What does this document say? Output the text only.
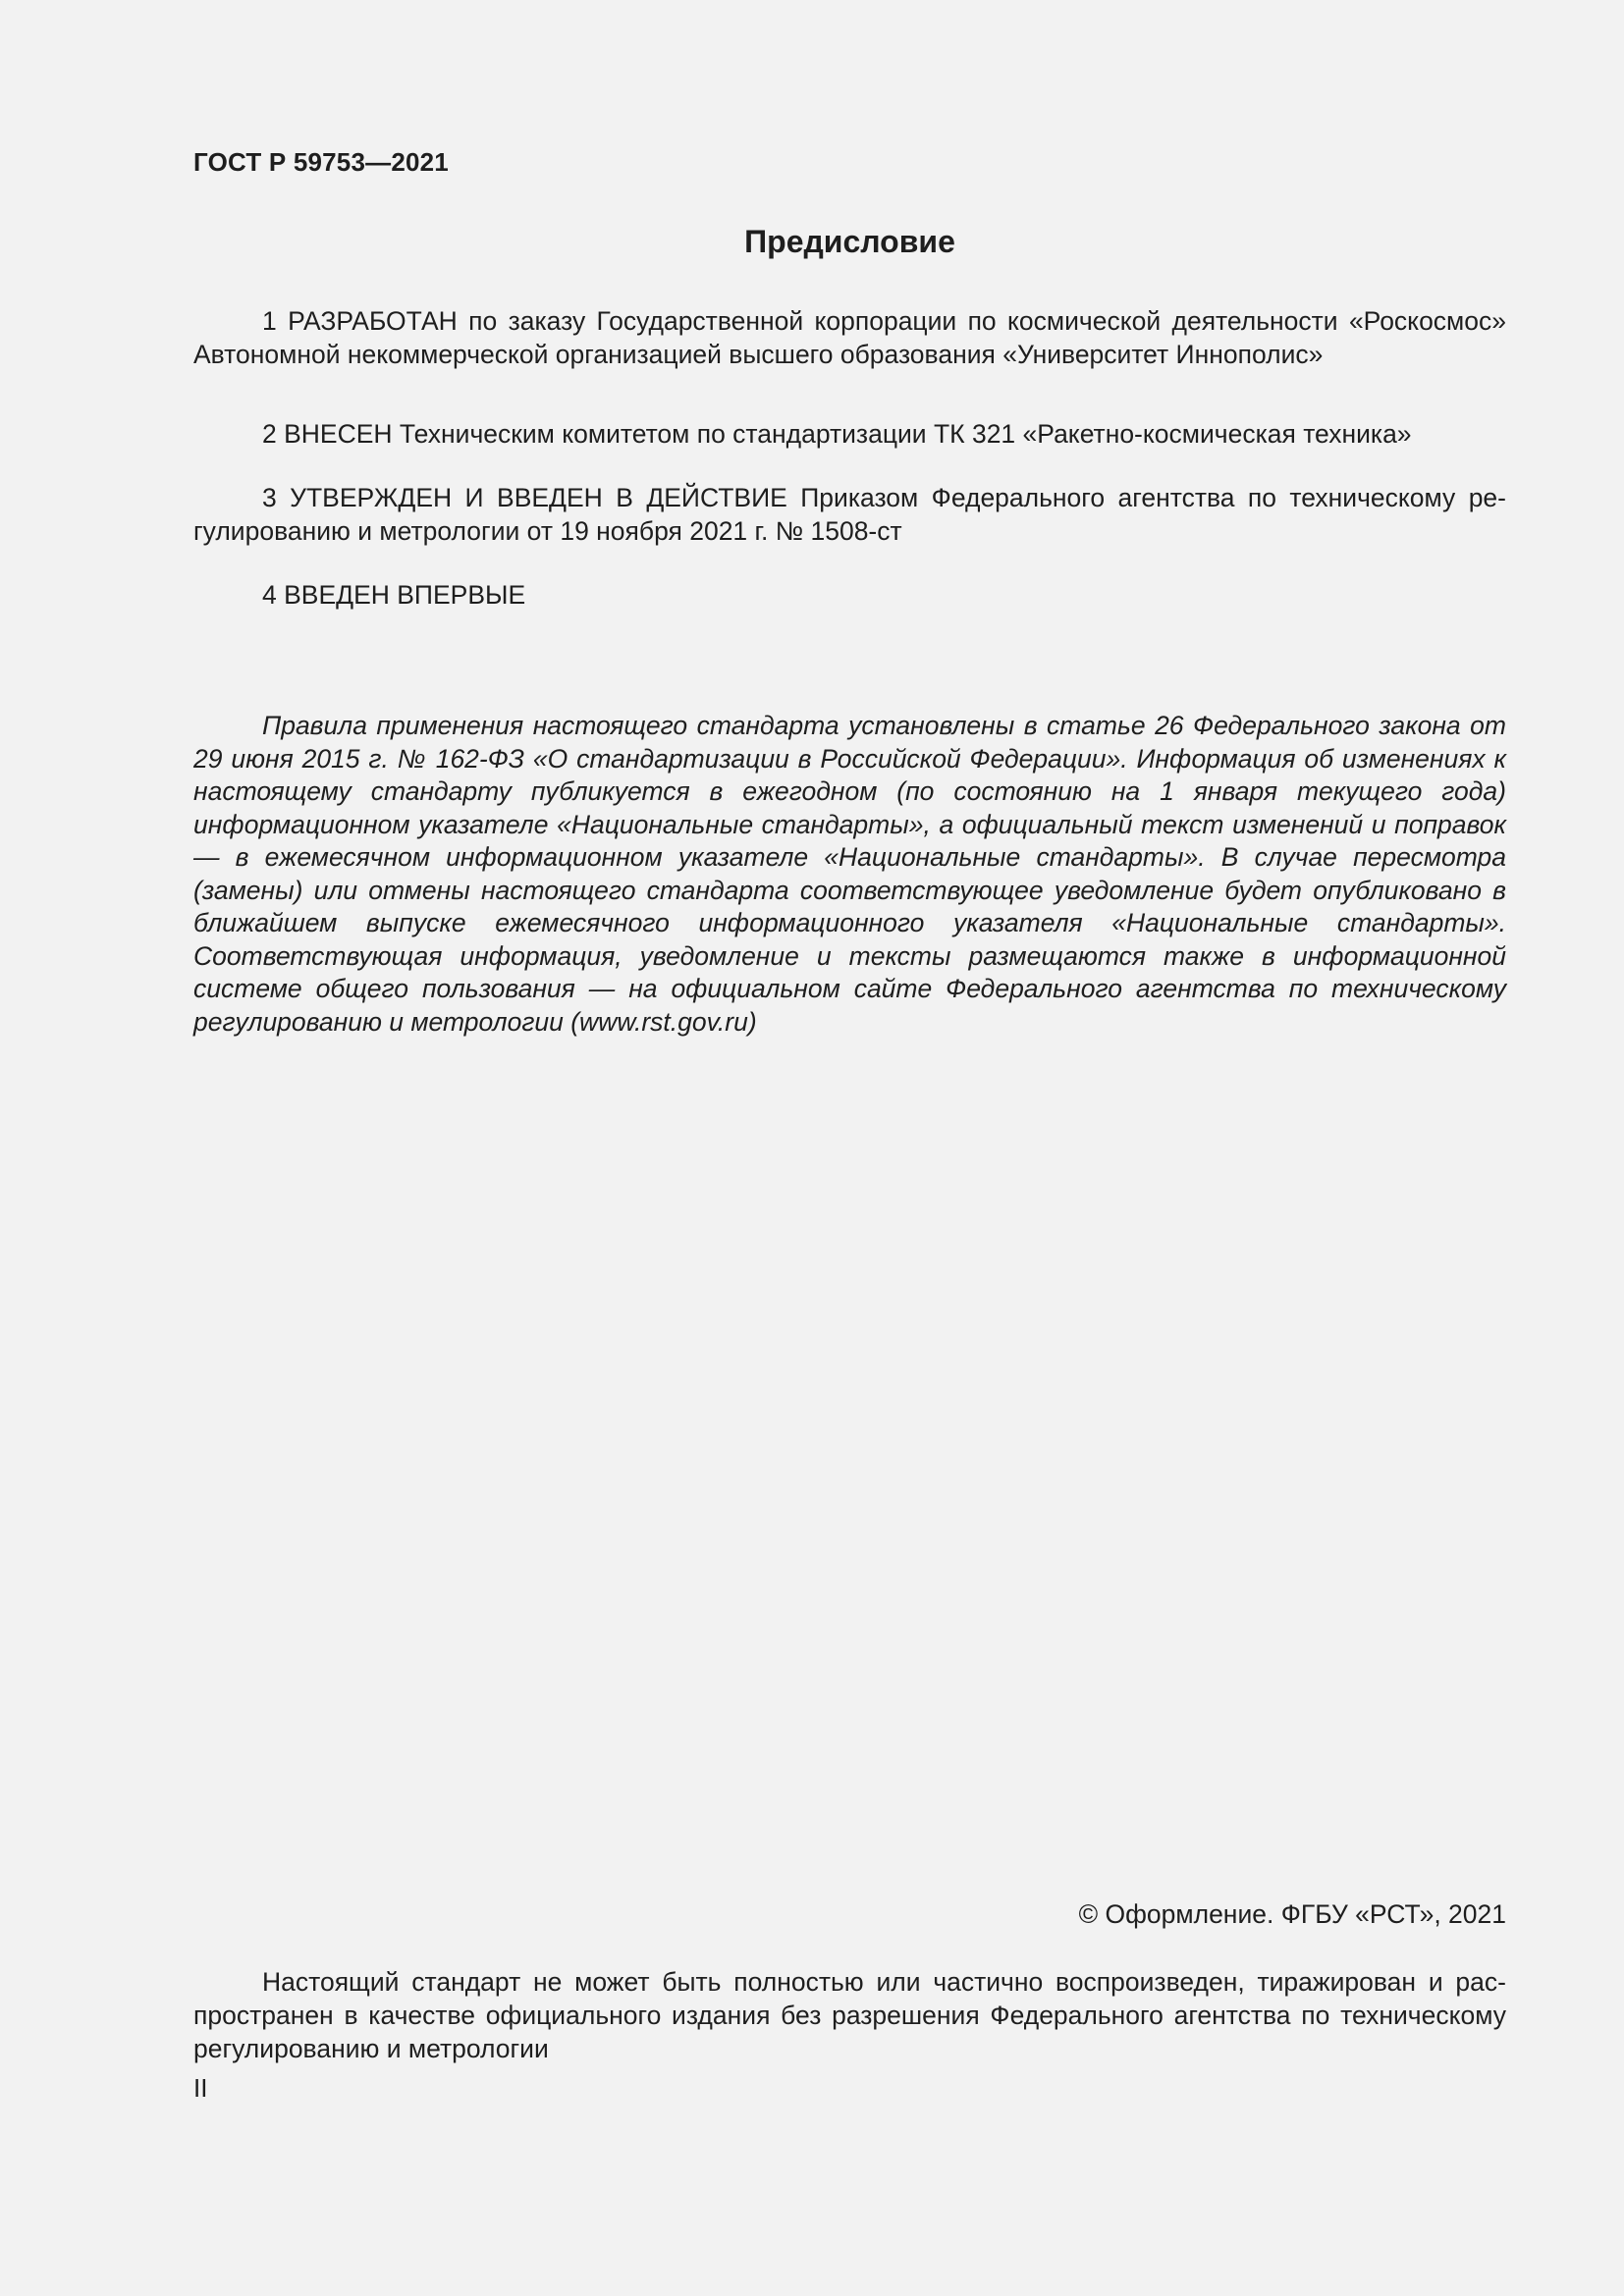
ГОСТ Р 59753—2021
Предисловие

1 РАЗРАБОТАН по заказу Государственной корпорации по космической деятельности «Роскосмос» Автономной некоммерческой организацией высшего образования «Университет Иннополис»

2 ВНЕСЕН Техническим комитетом по стандартизации ТК 321 «Ракетно-космическая техника»

3 УТВЕРЖДЕН И ВВЕДЕН В ДЕЙСТВИЕ Приказом Федерального агентства по техническому регулированию и метрологии от 19 ноября 2021 г. № 1508-ст

4 ВВЕДЕН ВПЕРВЫЕ

Правила применения настоящего стандарта установлены в статье 26 Федерального закона от 29 июня 2015 г. № 162-ФЗ «О стандартизации в Российской Федерации». Информация об изменениях к настоящему стандарту публикуется в ежегодном (по состоянию на 1 января текущего года) информационном указателе «Национальные стандарты», а официальный текст изменений и поправок — в ежемесячном информационном указателе «Национальные стандарты». В случае пересмотра (замены) или отмены настоящего стандарта соответствующее уведомление будет опубликовано в ближайшем выпуске ежемесячного информационного указателя «Национальные стандарты». Соответствующая информация, уведомление и тексты размещаются также в информационной системе общего пользования — на официальном сайте Федерального агентства по техническому регулированию и метрологии (www.rst.gov.ru)

© Оформление. ФГБУ «РСТ», 2021

Настоящий стандарт не может быть полностью или частично воспроизведен, тиражирован и распространен в качестве официального издания без разрешения Федерального агентства по техническому регулированию и метрологии

II
